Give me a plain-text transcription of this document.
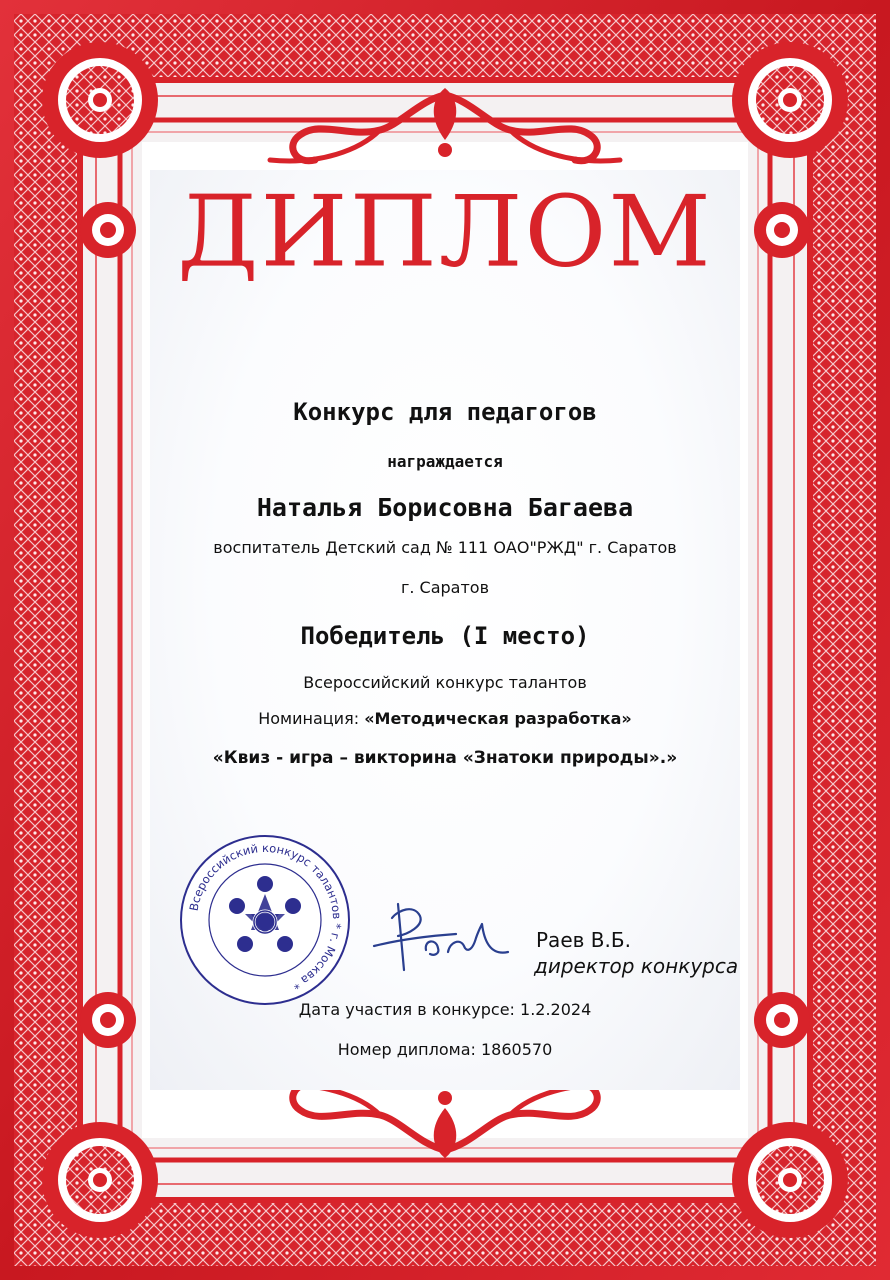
ДИПЛОМ
Конкурс для педагогов
награждается
Наталья Борисовна Багаева
воспитатель Детский сад № 111 ОАО"РЖД" г. Саратов
г. Саратов
Победитель (I место)
Всероссийский конкурс талантов
Номинация: «Методическая разработка»
«Квиз - игра – викторина «Знатоки природы».»
Всероссийский конкурс талантов * г. Москва *
Раев В.Б.
директор конкурса
Дата участия в конкурсе: 1.2.2024
Номер диплома: 1860570
